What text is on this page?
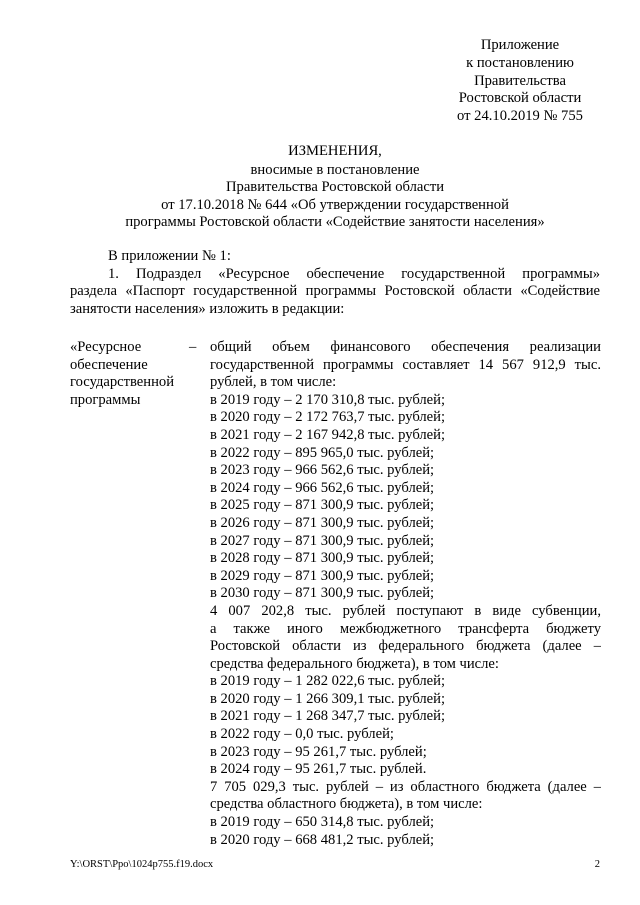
Приложение
к постановлению
Правительства
Ростовской области
от 24.10.2019 № 755
ИЗМЕНЕНИЯ,
вносимые в постановление
Правительства Ростовской области
от 17.10.2018 № 644 «Об утверждении государственной
программы Ростовской области «Содействие занятости населения»
В приложении № 1:
1. Подраздел «Ресурсное обеспечение государственной программы»
раздела «Паспорт государственной программы Ростовской области «Содействие
занятости населения» изложить в редакции:
«Ресурсное
обеспечение
государственной
программы
– общий объем финансового обеспечения реализации
государственной программы составляет 14 567 912,9 тыс.
рублей, в том числе:
в 2019 году – 2 170 310,8 тыс. рублей;
в 2020 году – 2 172 763,7 тыс. рублей;
в 2021 году – 2 167 942,8 тыс. рублей;
в 2022 году – 895 965,0 тыс. рублей;
в 2023 году – 966 562,6 тыс. рублей;
в 2024 году – 966 562,6 тыс. рублей;
в 2025 году – 871 300,9 тыс. рублей;
в 2026 году – 871 300,9 тыс. рублей;
в 2027 году – 871 300,9 тыс. рублей;
в 2028 году – 871 300,9 тыс. рублей;
в 2029 году – 871 300,9 тыс. рублей;
в 2030 году – 871 300,9 тыс. рублей;
4 007 202,8 тыс. рублей поступают в виде субвенции,
а также иного межбюджетного трансферта бюджету
Ростовской области из федерального бюджета (далее –
средства федерального бюджета), в том числе:
в 2019 году – 1 282 022,6 тыс. рублей;
в 2020 году – 1 266 309,1 тыс. рублей;
в 2021 году – 1 268 347,7 тыс. рублей;
в 2022 году – 0,0 тыс. рублей;
в 2023 году – 95 261,7 тыс. рублей;
в 2024 году – 95 261,7 тыс. рублей.
7 705 029,3 тыс. рублей – из областного бюджета (далее –
средства областного бюджета), в том числе:
в 2019 году – 650 314,8 тыс. рублей;
в 2020 году – 668 481,2 тыс. рублей;
Y:\ORST\Ppo\1024p755.f19.docx	2
